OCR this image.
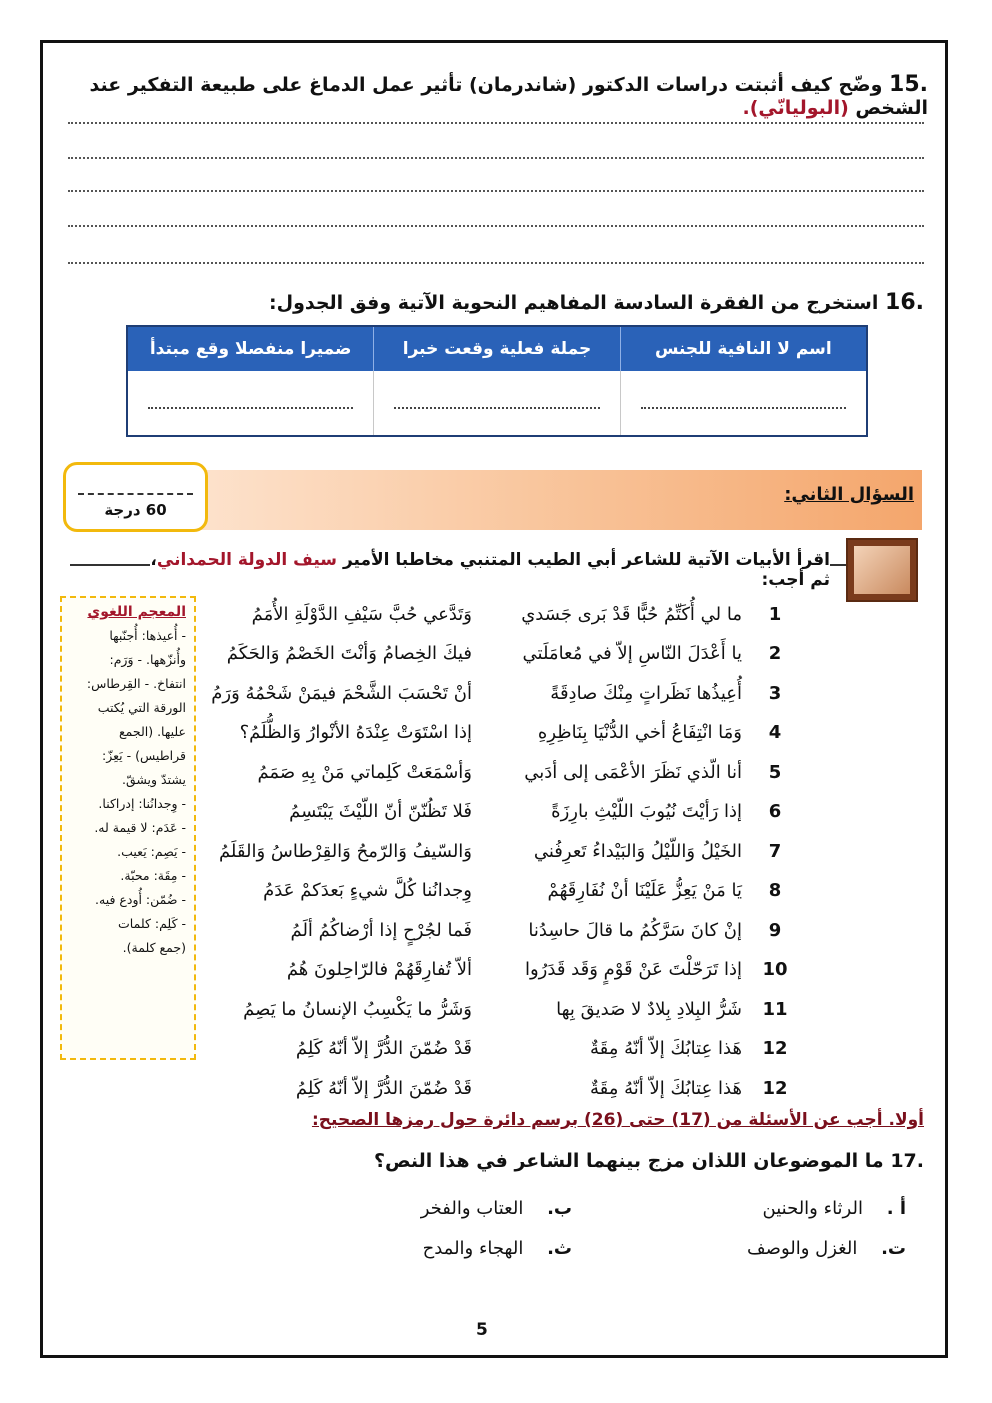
.15 وضّح كيف أثبتت دراسات الدكتور (شاندرمان) تأثير عمل الدماغ على طبيعة التفكير عند الشخص (البوليانّي).
.16 استخرج من الفقرة السادسة المفاهيم النحوية الآتية وفق الجدول:
اسم لا النافية للجنس
جملة فعلية وقعت خبرا
ضميرا منفصلا وقع مبتدأ
السؤال الثاني:
60 درجة
اقرأ الأبيات الآتية للشاعر أبي الطيب المتنبي مخاطبا الأمير سيف الدولة الحمداني، ثم أجب:
1
ما لي أُكَتِّمُ حُبًّا قَدْ بَرى جَسَدي
وَتَدَّعي حُبَّ سَيْفِ الدَّوْلَةِ الأُمَمُ
2
يا أَعْدَلَ النّاسِ إلاّ في مُعامَلَتي
فيكَ الخِصامُ وَأنْتَ الخَصْمُ وَالحَكَمُ
3
أُعِيذُها نَظَراتٍ مِنْكَ صادِقَةً
أنْ تَحْسَبَ الشَّحْمَ فيمَنْ شَحْمُهُ وَرَمُ
4
وَمَا انْتِفَاعُ أخي الدُّنْيَا بِنَاظِرِهِ
إذا اسْتَوَتْ عِنْدَهُ الأنْوارُ وَالظُّلَمُ؟
5
أنا الّذي نَظَرَ الأعْمَى إلى أدَبي
وَأسْمَعَتْ كَلِماتي مَنْ بِهِ صَمَمُ
6
إذا رَأيْتَ نُيُوبَ اللّيْثِ بارِزَةً
فَلا تَظُنّنّ أنّ اللّيْثَ يَبْتَسِمُ
7
الخَيْلُ وَاللّيْلُ وَالبَيْداءُ تَعرِفُني
وَالسّيفُ وَالرّمحُ وَالقِرْطاسُ وَالقَلَمُ
8
يَا مَنْ يَعِزُّ عَلَيْنَا أنْ نُفَارِقَهُمْ
وِجدانُنا كُلَّ شيءٍ بَعدَكمْ عَدَمُ
9
إنْ كانَ سَرَّكُمُ ما قالَ حاسِدُنا
فَما لجُرْحٍ إذا أرْضاكُمُ ألَمُ
10
إذا تَرَحّلْتَ عَنْ قَوْمٍ وَقَد قَدَرُوا
ألاّ تُفارِقَهُمْ فالرّاحِلونَ هُمُ
11
شَرُّ البِلادِ بِلادٌ لا صَديقَ بِها
وَشَرُّ ما يَكْسِبُ الإنسانُ ما يَصِمُ
12
هَذا عِتابُكَ إلاّ أنّهُ مِقَةٌ
قَدْ ضُمّنَ الدُّرَّ إلاّ أنّهُ كَلِمُ
المعجم اللغوي
- أُعيذها: أُجنّبها وأُنزّهها. - وَرَم:
انتفاخ. - القِرطاس:
الورقة التي يُكتب
عليها. (الجمع
قراطيس) - يَعِزّ:
يشتدّ ويشقّ.
- وِجدانُنا: إدراكنا.
- عَدَم: لا قيمة له.
- يَصِم: يَعيب.
- مِقَة: محبّة.
- ضُمّن: أُودع فيه.
- كَلِم: كلمات
(جمع كلمة).
أولا. أجب عن الأسئلة من (17) حتى (26) برسم دائرة حول رمزها الصحيح:
.17 ما الموضوعان اللذان مزج بينهما الشاعر في هذا النص؟
أ . الرثاء والحنين
ب. العتاب والفخر
ت. الغزل والوصف
ث. الهجاء والمدح
5
12
هَذا عِتابُكَ إلاّ أنّهُ مِقَةٌ
قَدْ ضُمّنَ الدُّرَّ إلاّ أنّهُ كَلِمُ
